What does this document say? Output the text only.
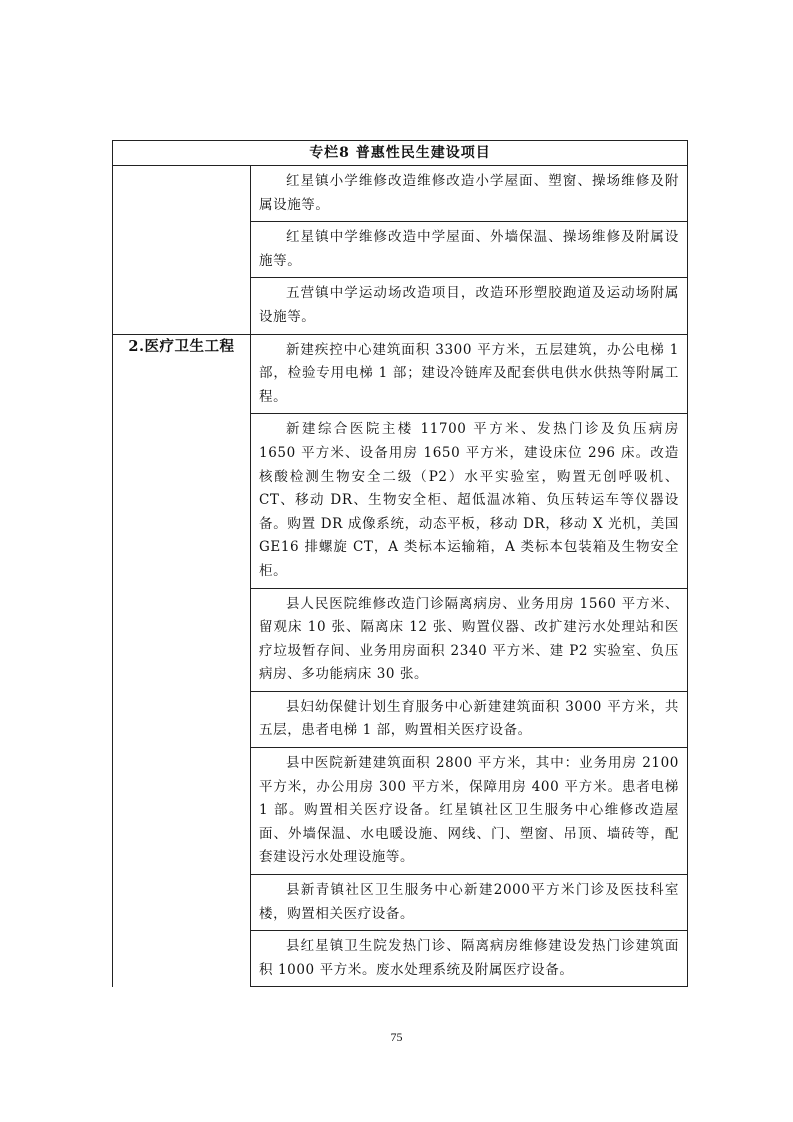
专栏8 普惠性民生建设项目	

	红星镇小学维修改造维修改造小学屋面、塑窗、操场维修及附属设施等。

	红星镇中学维修改造中学屋面、外墙保温、操场维修及附属设施等。

	五营镇中学运动场改造项目，改造环形塑胶跑道及运动场附属设施等。

2.医疗卫生工程	新建疾控中心建筑面积 3300 平方米，五层建筑，办公电梯 1 部，检验专用电梯 1 部；建设冷链库及配套供电供水供热等附属工程。

	新建综合医院主楼 11700 平方米、发热门诊及负压病房 1650 平方米、设备用房 1650 平方米，建设床位 296 床。改造核酸检测生物安全二级（P2）水平实验室，购置无创呼吸机、CT、移动 DR、生物安全柜、超低温冰箱、负压转运车等仪器设备。购置 DR 成像系统，动态平板，移动 DR，移动 X 光机，美国 GE16 排螺旋 CT，A 类标本运输箱，A 类标本包装箱及生物安全柜。

	县人民医院维修改造门诊隔离病房、业务用房 1560 平方米、留观床 10 张、隔离床 12 张、购置仪器、改扩建污水处理站和医疗垃圾暂存间、业务用房面积 2340 平方米、建 P2 实验室、负压病房、多功能病床 30 张。

	县妇幼保健计划生育服务中心新建建筑面积 3000 平方米，共五层，患者电梯 1 部，购置相关医疗设备。

	县中医院新建建筑面积 2800 平方米，其中：业务用房 2100 平方米，办公用房 300 平方米，保障用房 400 平方米。患者电梯 1 部。购置相关医疗设备。红星镇社区卫生服务中心维修改造屋面、外墙保温、水电暖设施、网线、门、塑窗、吊顶、墙砖等，配套建设污水处理设施等。

	县新青镇社区卫生服务中心新建2000平方米门诊及医技科室楼，购置相关医疗设备。

	县红星镇卫生院发热门诊、隔离病房维修建设发热门诊建筑面积 1000 平方米。废水处理系统及附属医疗设备。
75
